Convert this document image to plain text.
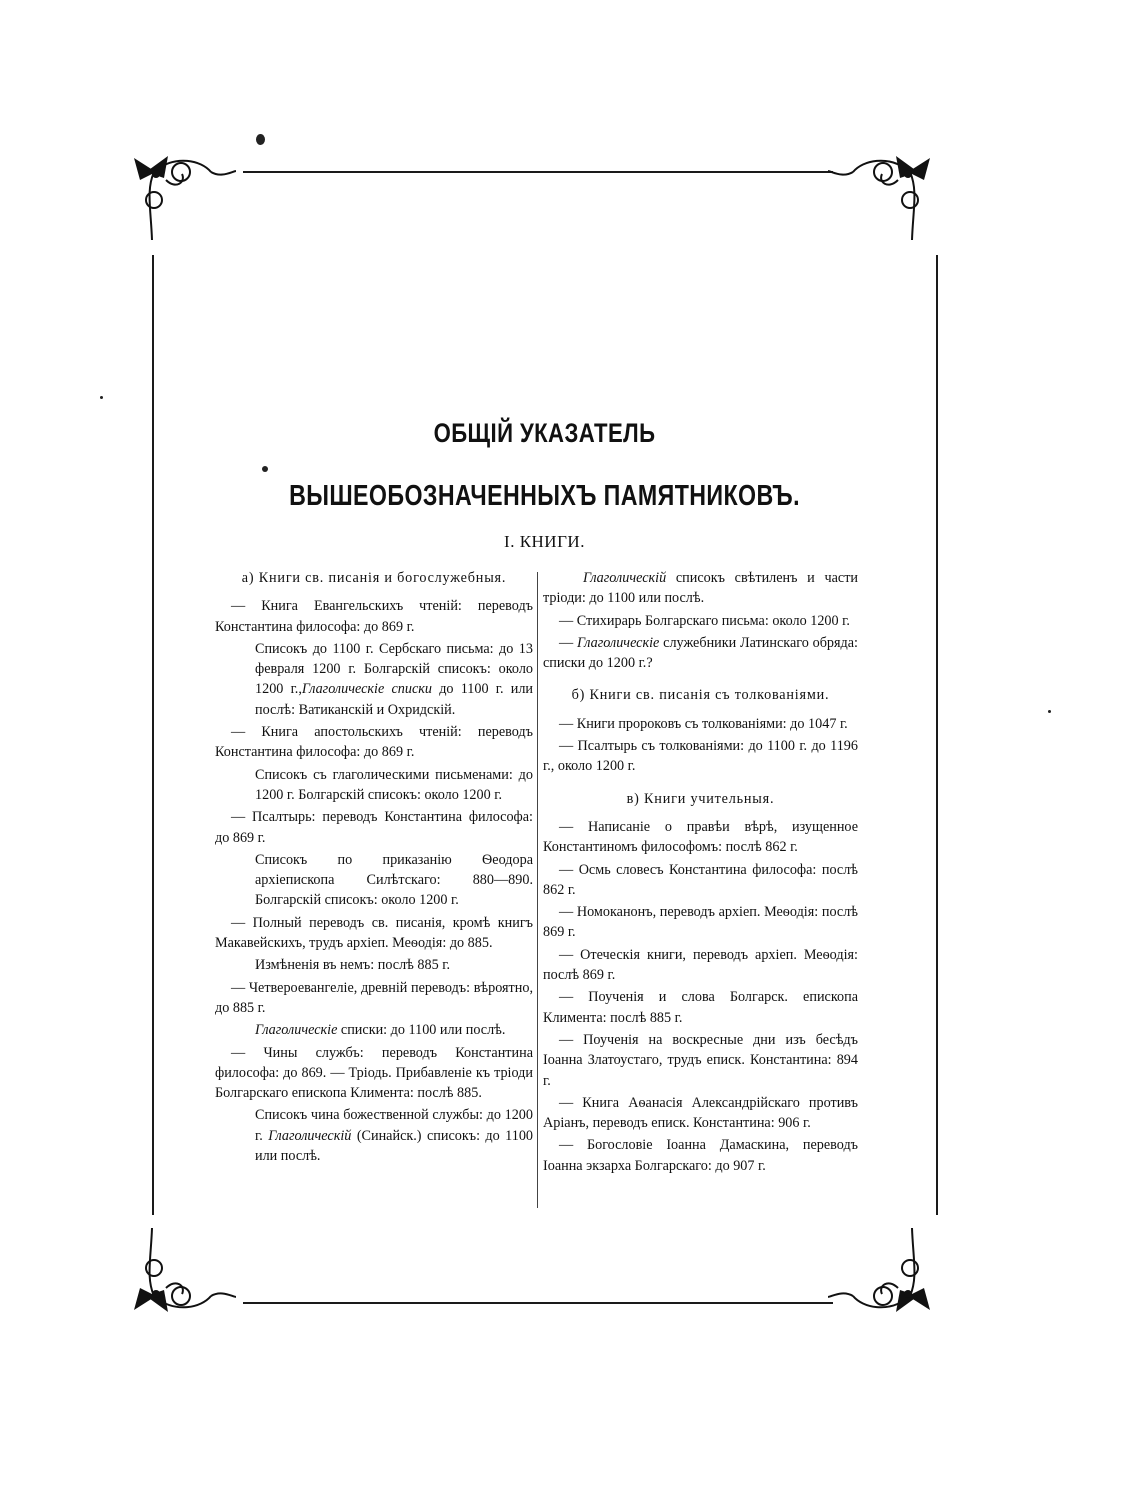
ОБЩІЙ УКАЗАТЕЛЬ
ВЫШЕОБОЗНАЧЕННЫХЪ ПАМЯТНИКОВЪ.
I. КНИГИ.

а) Книги св. писанія и богослужебныя.

— Книга Евангельскихъ чтеній: переводъ Константина философа: до 869 г.

Списокъ до 1100 г. Сербскаго письма: до 13 февраля 1200 г. Болгарскій списокъ: около 1200 г.,Глаголическіе списки до 1100 г. или послѣ: Ватиканскій и Охридскій.

— Книга апостольскихъ чтеній: переводъ Константина философа: до 869 г.

Списокъ съ глаголическими письменами: до 1200 г. Болгарскій списокъ: около 1200 г.

— Псалтырь: переводъ Константина философа: до 869 г.

Списокъ по приказанію Ѳеодора архіепископа Силѣтскаго: 880—890. Болгарскій списокъ: около 1200 г.

— Полный переводъ св. писанія, кромѣ книгъ Макавейскихъ, трудъ архіеп. Меѳодія: до 885.

Измѣненія въ немъ: послѣ 885 г.

— Четвероевангеліе, древній переводъ: вѣроятно, до 885 г.

Глаголическіе списки: до 1100 или послѣ.

— Чины службъ: переводъ Константина философа: до 869. — Тріодь. Прибавленіе къ тріоди Болгарскаго епископа Климента: послѣ 885.

Списокъ чина божественной службы: до 1200 г. Глаголическій (Синайск.) списокъ: до 1100 или послѣ.

Глаголическій списокъ свѣтиленъ и части тріоди: до 1100 или послѣ.

— Стихирарь Болгарскаго письма: около 1200 г.

— Глаголическіе служебники Латинскаго обряда: списки до 1200 г.?

б) Книги св. писанія съ толкованіями.

— Книги пророковъ съ толкованіями: до 1047 г.

— Псалтырь съ толкованіями: до 1100 г. до 1196 г., около 1200 г.

в) Книги учительныя.

— Написаніе о правѣи вѣрѣ, изущенное Константиномъ философомъ: послѣ 862 г.

— Осмь словесъ Константина философа: послѣ 862 г.

— Номоканонъ, переводъ архіеп. Меѳодія: послѣ 869 г.

— Отеческія книги, переводъ архіеп. Меѳодія: послѣ 869 г.

— Поученія и слова Болгарск. епископа Климента: послѣ 885 г.

— Поученія на воскресные дни изъ бесѣдъ Іоанна Златоустаго, трудъ еписк. Константина: 894 г.

— Книга Аѳанасія Александрійскаго противъ Аріанъ, переводъ еписк. Константина: 906 г.

— Богословіе Іоанна Дамаскина, переводъ Іоанна экзарха Болгарскаго: до 907 г.
